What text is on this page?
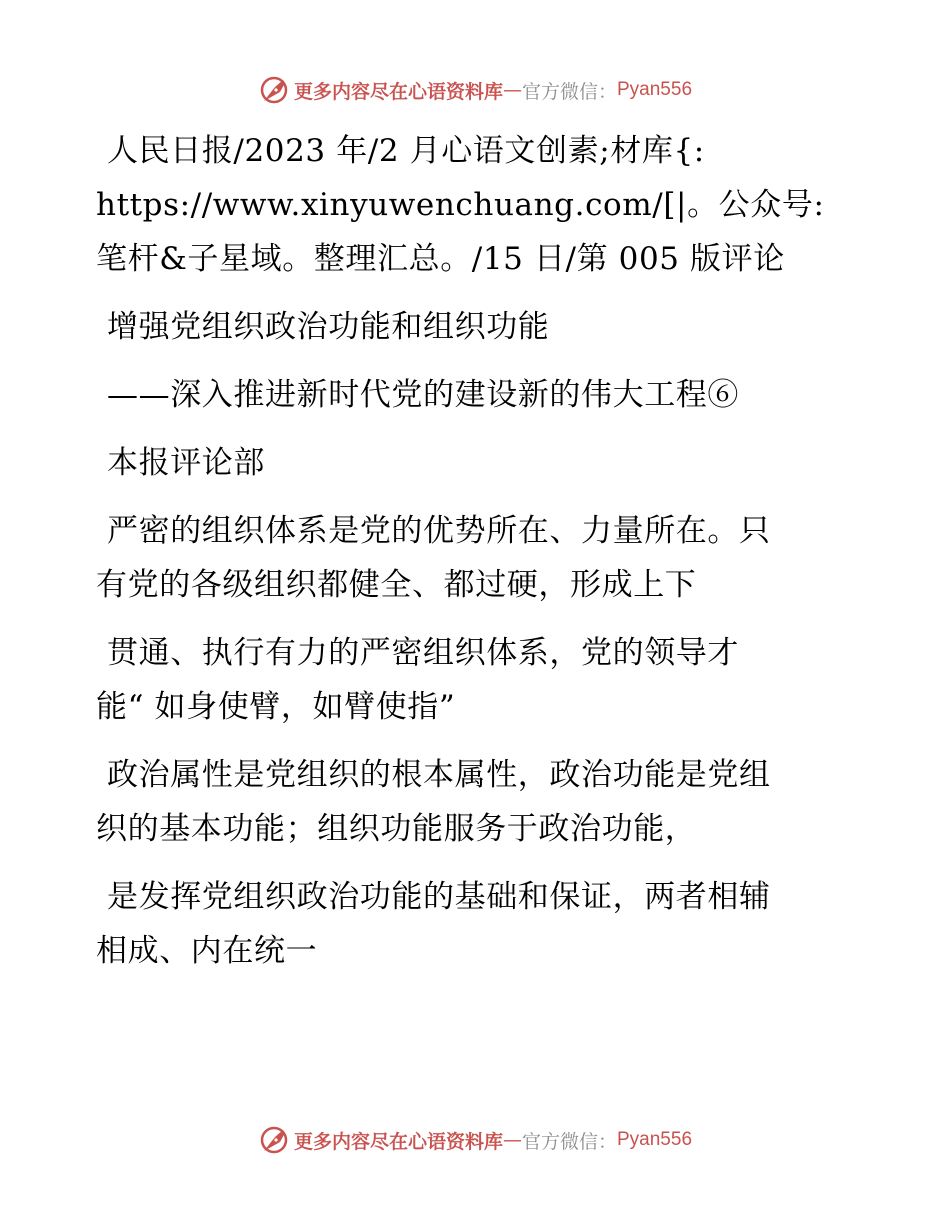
更多内容尽在心语资料库 — 官方微信： Pyan556
人民日报/2023 年/2 月心语文创素;材库{:
https://www.xinyuwenchuang.com/[|。公众号:
笔杆&子星域。整理汇总。/15 日/第 005 版评论
增强党组织政治功能和组织功能
——深入推进新时代党的建设新的伟大工程⑥
本报评论部
严密的组织体系是党的优势所在、力量所在。只
有党的各级组织都健全、都过硬，形成上下
贯通、执行有力的严密组织体系，党的领导才
能“ 如身使臂，如臂使指”
政治属性是党组织的根本属性，政治功能是党组
织的基本功能；组织功能服务于政治功能，
是发挥党组织政治功能的基础和保证，两者相辅
相成、内在统一
更多内容尽在心语资料库 — 官方微信： Pyan556
